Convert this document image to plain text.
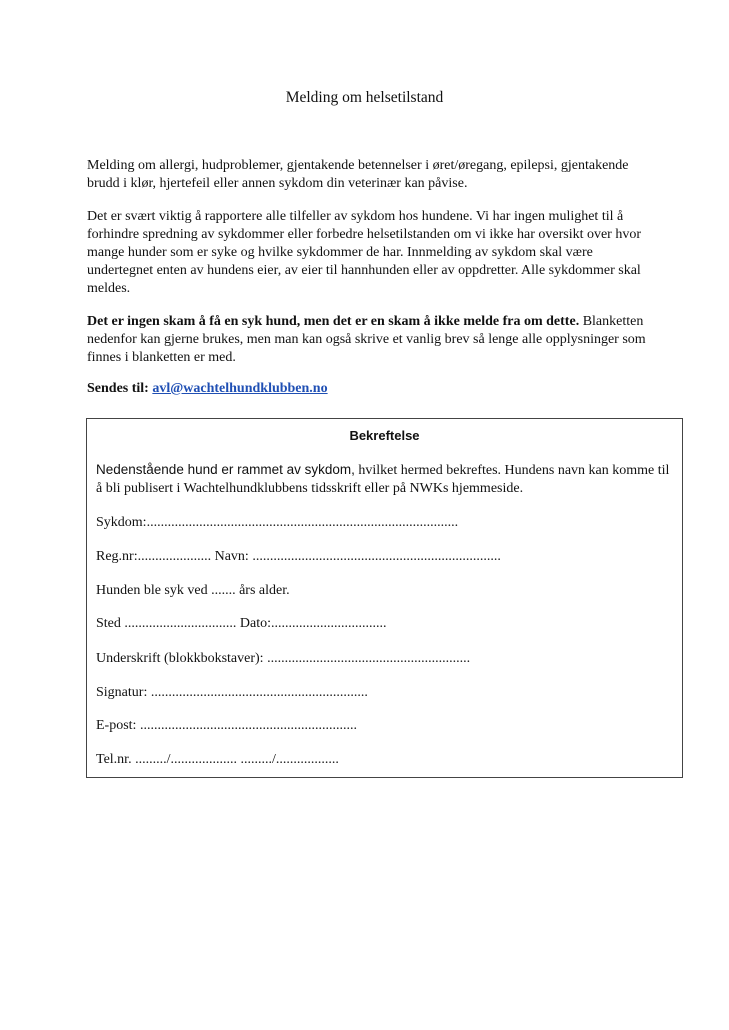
Melding om helsetilstand
Melding om allergi, hudproblemer, gjentakende betennelser i øret/øregang, epilepsi, gjentakende brudd i klør, hjertefeil eller annen sykdom din veterinær kan påvise.
Det er svært viktig å rapportere alle tilfeller av sykdom hos hundene. Vi har ingen mulighet til å forhindre spredning av sykdommer eller forbedre helsetilstanden om vi ikke har oversikt over hvor mange hunder som er syke og hvilke sykdommer de har. Innmelding av sykdom skal være undertegnet enten av hundens eier, av eier til hannhunden eller av oppdretter. Alle sykdommer skal meldes.
Det er ingen skam å få en syk hund, men det er en skam å ikke melde fra om dette. Blanketten nedenfor kan gjerne brukes, men man kan også skrive et vanlig brev så lenge alle opplysninger som finnes i blanketten er med.
Sendes til: avl@wachtelhundklubben.no
Bekreftelse
Nedenstående hund er rammet av sykdom, hvilket hermed bekreftes. Hundens navn kan komme til å bli publisert i Wachtelhundklubbens tidsskrift eller på NWKs hjemmeside.
Sykdom:.........................................................................................
Reg.nr:..................... Navn: .......................................................................
Hunden ble syk ved ....... års alder.
Sted ................................ Dato:.................................
Underskrift (blokkbokstaver): ..........................................................
Signatur: ..............................................................
E-post: ..............................................................
Tel.nr. ........./................... ........./..................
